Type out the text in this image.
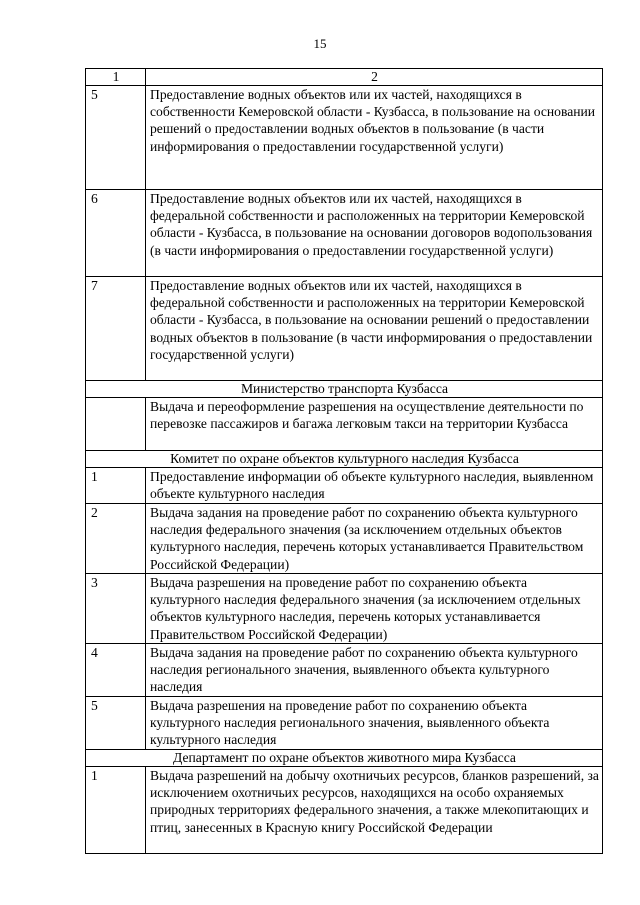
15
1	2
5	Предоставление водных объектов или их частей, находящихся в собственности Кемеровской области - Кузбасса, в пользование на основании решений о предоставлении водных объектов в пользование (в части информирования о предоставлении государственной услуги)
6	Предоставление водных объектов или их частей, находящихся в федеральной собственности и расположенных на территории Кемеровской области - Кузбасса, в пользование на основании договоров водопользования (в части информирования о предоставлении государственной услуги)
7	Предоставление водных объектов или их частей, находящихся в федеральной собственности и расположенных на территории Кемеровской области - Кузбасса, в пользование на основании решений о предоставлении водных объектов в пользование (в части информирования о предоставлении государственной услуги)
Министерство транспорта Кузбасса	
	Выдача и переоформление разрешения на осуществление деятельности по перевозке пассажиров и багажа легковым такси на территории Кузбасса
Комитет по охране объектов культурного наследия Кузбасса	
1	Предоставление информации об объекте культурного наследия, выявленном объекте культурного наследия
2	Выдача задания на проведение работ по сохранению объекта культурного наследия федерального значения (за исключением отдельных объектов культурного наследия, перечень которых устанавливается Правительством Российской Федерации)
3	Выдача разрешения на проведение работ по сохранению объекта культурного наследия федерального значения (за исключением отдельных объектов культурного наследия, перечень которых устанавливается Правительством Российской Федерации)
4	Выдача задания на проведение работ по сохранению объекта культурного наследия регионального значения, выявленного объекта культурного наследия
5	Выдача разрешения на проведение работ по сохранению объекта культурного наследия регионального значения, выявленного объекта культурного наследия
Департамент по охране объектов животного мира Кузбасса	
1	Выдача разрешений на добычу охотничьих ресурсов, бланков разрешений, за исключением охотничьих ресурсов, находящихся на особо охраняемых природных территориях федерального значения, а также млекопитающих и птиц, занесенных в Красную книгу Российской Федерации
